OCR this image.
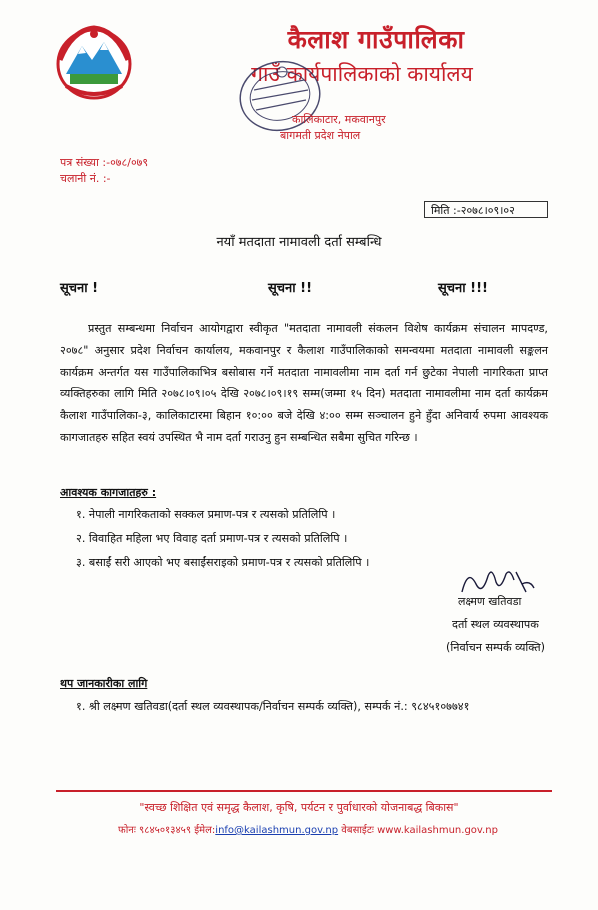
कैलाश गाउँपालिका
गाउँ कार्यपालिकाको कार्यालय
कालिकाटार, मकवानपुर
बागमती प्रदेश नेपाल
पत्र संख्या :-०७८/०७९
चलानी नं. :-
मिति :-२०७८।०९।०२
नयाँ मतदाता नामावली दर्ता सम्बन्धि
सूचना !	सूचना !!	सूचना !!!

प्रस्तुत सम्बन्धमा निर्वाचन आयोगद्वारा स्वीकृत "मतदाता नामावली संकलन विशेष कार्यक्रम संचालन मापदण्ड, २०७८" अनुसार प्रदेश निर्वाचन कार्यालय, मकवानपुर र कैलाश गाउँपालिकाको समन्वयमा मतदाता नामावली सङ्कलन कार्यक्रम अन्तर्गत यस गाउँपालिकाभित्र बसोबास गर्ने मतदाता नामावलीमा नाम दर्ता गर्न छुटेका नेपाली नागरिकता प्राप्त व्यक्तिहरुका लागि मिति २०७८।०९।०५ देखि २०७८।०९।१९ सम्म(जम्मा १५ दिन) मतदाता नामावलीमा नाम दर्ता कार्यक्रम कैलाश गाउँपालिका-३, कालिकाटारमा बिहान १०:०० बजे देखि ४:०० सम्म सञ्चालन हुने हुँदा अनिवार्य रुपमा आवश्यक कागजातहरु सहित स्वयं उपस्थित भै नाम दर्ता गराउनु हुन सम्बन्धित सबैमा सुचित गरिन्छ ।

आवश्यक कागजातहरु :
१. नेपाली नागरिकताको सक्कल प्रमाण-पत्र र त्यसको प्रतिलिपि ।
२. विवाहित महिला भए विवाह दर्ता प्रमाण-पत्र र त्यसको प्रतिलिपि ।
३. बसाईं सरी आएको भए बसाईंसराइको प्रमाण-पत्र र त्यसको प्रतिलिपि ।
लक्ष्मण खतिवडा
दर्ता स्थल व्यवस्थापक
(निर्वाचन सम्पर्क व्यक्ति)
थप जानकारीका लागि
१. श्री लक्ष्मण खतिवडा(दर्ता स्थल व्यवस्थापक/निर्वाचन सम्पर्क व्यक्ति), सम्पर्क नं.: ९८४५१०७७४१
"स्वच्छ शिक्षित एवं समृद्ध कैलाश, कृषि, पर्यटन र पुर्वाधारको योजनाबद्ध बिकास"
फोनः ९८४५०१३४५९ ईमेल:info@kailashmun.gov.np वेबसाईटः www.kailashmun.gov.np
